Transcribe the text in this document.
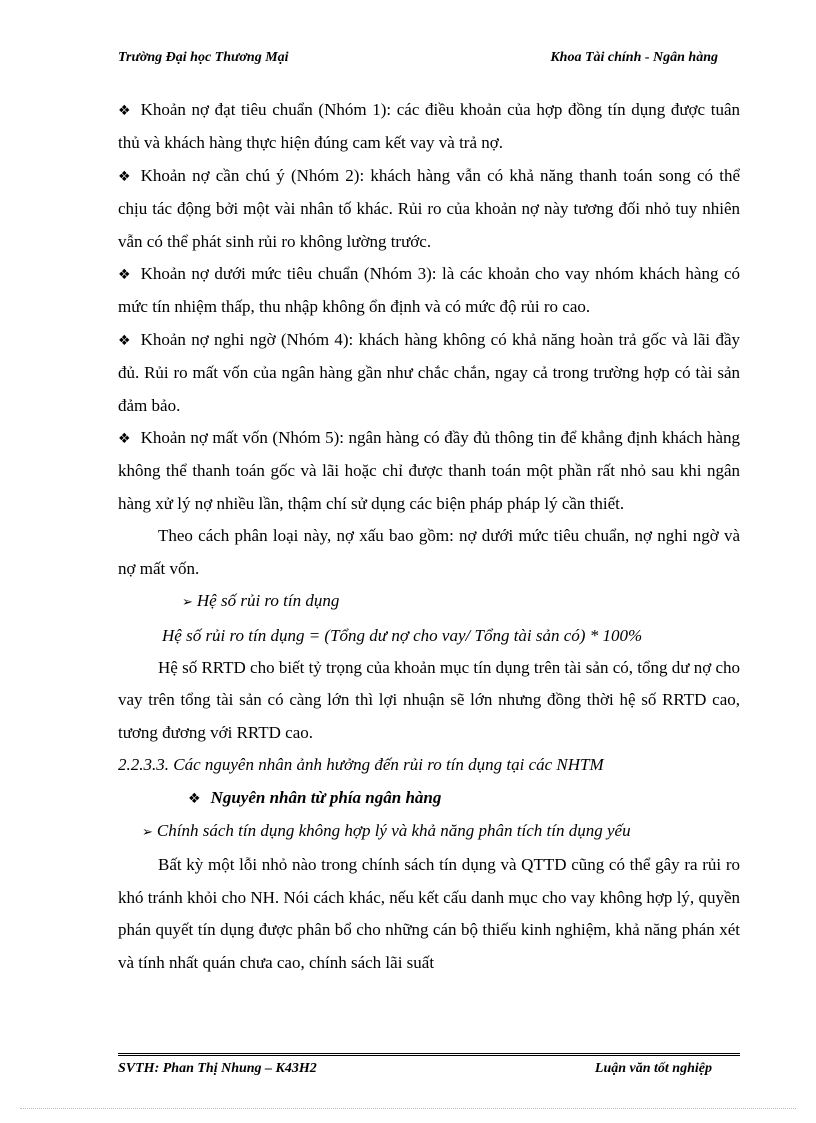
Trường Đại học Thương Mại	Khoa Tài chính - Ngân hàng

❖ Khoản nợ đạt tiêu chuẩn (Nhóm 1): các điều khoản của hợp đồng tín dụng được tuân thủ và khách hàng thực hiện đúng cam kết vay và trả nợ.

❖ Khoản nợ cần chú ý (Nhóm 2): khách hàng vẫn có khả năng thanh toán song có thể chịu tác động bởi một vài nhân tố khác. Rủi ro của khoản nợ này tương đối nhỏ tuy nhiên vẫn có thể phát sinh rủi ro không lường trước.

❖ Khoản nợ dưới mức tiêu chuẩn (Nhóm 3): là các khoản cho vay nhóm khách hàng có mức tín nhiệm thấp, thu nhập không ổn định và có mức độ rủi ro cao.

❖ Khoản nợ nghi ngờ (Nhóm 4): khách hàng không có khả năng hoàn trả gốc và lãi đầy đủ. Rủi ro mất vốn của ngân hàng gần như chắc chắn, ngay cả trong trường hợp có tài sản đảm bảo.

❖ Khoản nợ mất vốn (Nhóm 5): ngân hàng có đầy đủ thông tin để khẳng định khách hàng không thể thanh toán gốc và lãi hoặc chỉ được thanh toán một phần rất nhỏ sau khi ngân hàng xử lý nợ nhiều lần, thậm chí sử dụng các biện pháp pháp lý cần thiết.

Theo cách phân loại này, nợ xấu bao gồm: nợ dưới mức tiêu chuẩn, nợ nghi ngờ và nợ mất vốn.

➢ Hệ số rủi ro tín dụng

Hệ số rủi ro tín dụng = (Tổng dư nợ cho vay/ Tổng tài sản có) * 100%

Hệ số RRTD cho biết tỷ trọng của khoản mục tín dụng trên tài sản có, tổng dư nợ cho vay trên tổng tài sản có càng lớn thì lợi nhuận sẽ lớn nhưng đồng thời hệ số RRTD cao, tương đương với RRTD cao.

2.2.3.3. Các nguyên nhân ảnh hưởng đến rủi ro tín dụng tại các NHTM

❖ Nguyên nhân từ phía ngân hàng

➢ Chính sách tín dụng không hợp lý và khả năng phân tích tín dụng yếu

Bất kỳ một lỗi nhỏ nào trong chính sách tín dụng và QTTD cũng có thể gây ra rủi ro khó tránh khỏi cho NH. Nói cách khác, nếu kết cấu danh mục cho vay không hợp lý, quyền phán quyết tín dụng được phân bổ cho những cán bộ thiếu kinh nghiệm, khả năng phán xét và tính nhất quán chưa cao, chính sách lãi suất

SVTH: Phan Thị Nhung – K43H2	Luận văn tốt nghiệp
